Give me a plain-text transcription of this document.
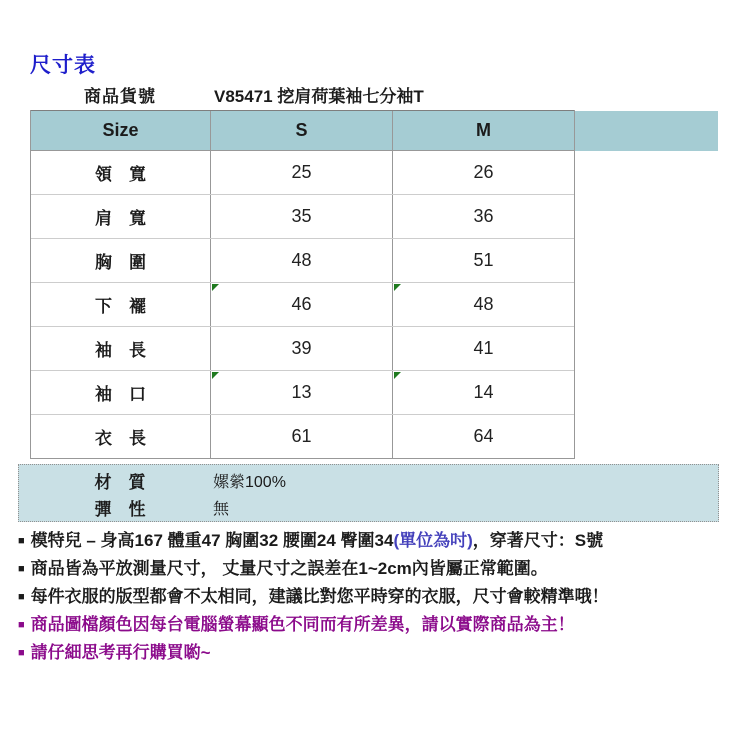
尺寸表
商品貨號	V85471 挖肩荷葉袖七分袖T
Size	S	M
領　寬	25	26
肩　寬	35	36
胸　圍	48	51
下　襬	46	48
袖　長	39	41
袖　口	13	14
衣　長	61	64
材　質	嫘縈100%
彈　性	無
■ 模特兒 – 身高167 體重47 胸圍32 腰圍24 臀圍34(單位為吋)，穿著尺寸：S號
■ 商品皆為平放測量尺寸， 丈量尺寸之誤差在1~2cm內皆屬正常範圍。
■ 每件衣服的版型都會不太相同，建議比對您平時穿的衣服，尺寸會較精準哦！
■ 商品圖檔顏色因每台電腦螢幕顯色不同而有所差異，請以實際商品為主！
■ 請仔細思考再行購買喲~
